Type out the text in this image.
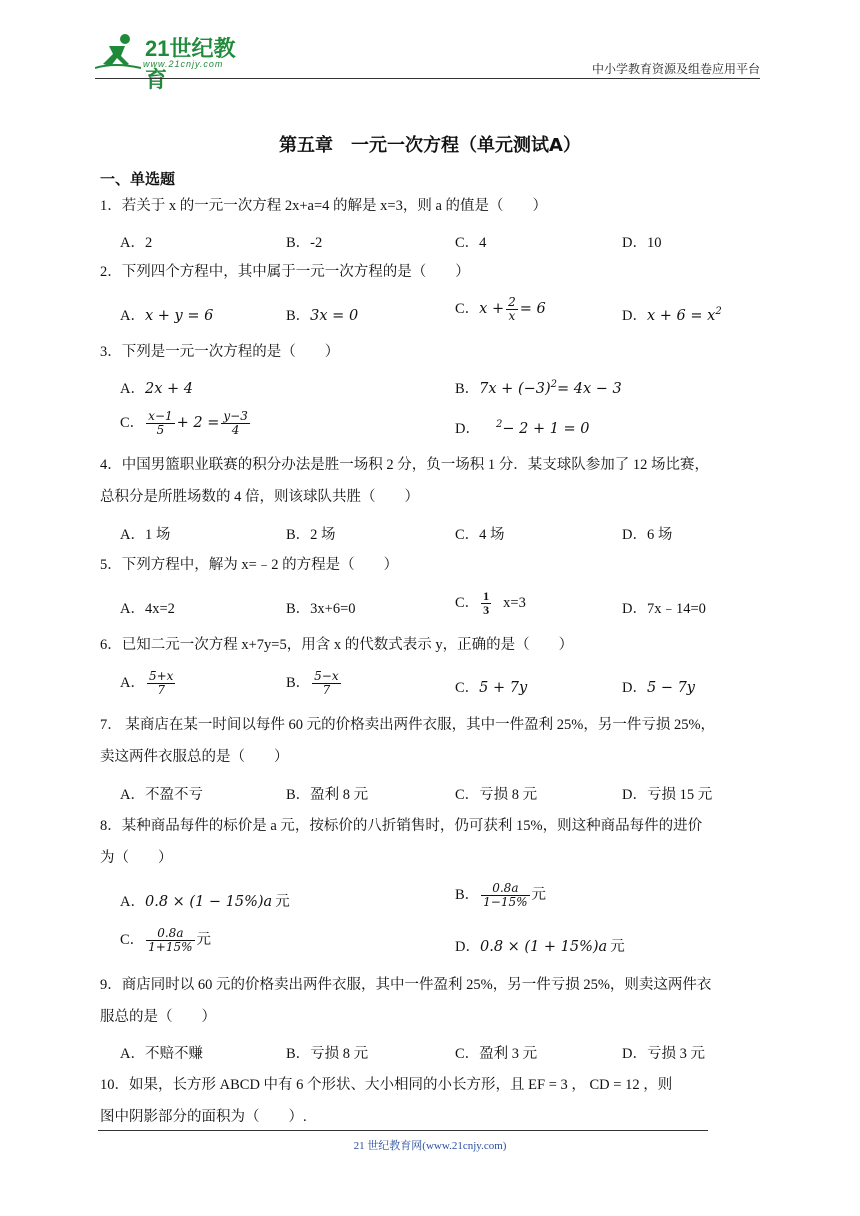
21世纪教育
www.21cnjy.com	中小学教育资源及组卷应用平台
第五章　一元一次方程（单元测试A）
一、单选题
1．若关于 x 的一元一次方程 2x+a=4 的解是 x=3，则 a 的值是（　　）
A．2	B．-2	C．4	D．10
2．下列四个方程中，其中属于一元一次方程的是（　　）
A．x + y = 6	B．3x = 0	C．$x + \frac{2}{x} = 6$	D．$x + 6 = x^2$
3．下列是一元一次方程的是（　　）
A．2x + 4	B．$7x + (-3)^2= 4x - 3$
C． $\frac{x-1}{5} + 2 = \frac{y-3}{4}$	D． $^2$− 2 + 1 = 0
4．中国男篮职业联赛的积分办法是胜一场积 2 分，负一场积 1 分．某支球队参加了 12 场比赛，
总积分是所胜场数的 4 倍，则该球队共胜（　　）
A．1 场	B．2 场	C．4 场	D．6 场
5．下列方程中，解为 x=﹣2 的方程是（　　）
A．4x=2	B．3x+6=0	C． $\frac{1}{3} x=3$	D．7x﹣14=0
6．已知二元一次方程 x+7y=5，用含 x 的代数式表示 y，正确的是（　　）
A． $\frac{5+x}{7}$	B． $\frac{5-x}{7}$	C．5 + 7y	D．5 − 7y
7． 某商店在某一时间以每件 60 元的价格卖出两件衣服，其中一件盈利 25%，另一件亏损 25%，
卖这两件衣服总的是（　　）
A．不盈不亏	B．盈利 8 元	C．亏损 8 元	D．亏损 15 元
8．某种商品每件的标价是 a 元，按标价的八折销售时，仍可获利 15%，则这种商品每件的进价
为（　　）
A．0.8 × (1 − 15%)a 元	B． $\frac{0.8a}{1-15\%}$ 元
C． $\frac{0.8a}{1+15\%}$ 元	D．0.8 × (1 + 15%)a 元
9．商店同时以 60 元的价格卖出两件衣服，其中一件盈利 25%，另一件亏损 25%，则卖这两件衣
服总的是（　　）
A．不赔不赚	B．亏损 8 元	C．盈利 3 元	D．亏损 3 元
10．如果，长方形 ABCD 中有 6 个形状、大小相同的小长方形，且 EF = 3 ， CD = 12 ，则
图中阴影部分的面积为（　　）.
21 世纪教育网(www.21cnjy.com)
